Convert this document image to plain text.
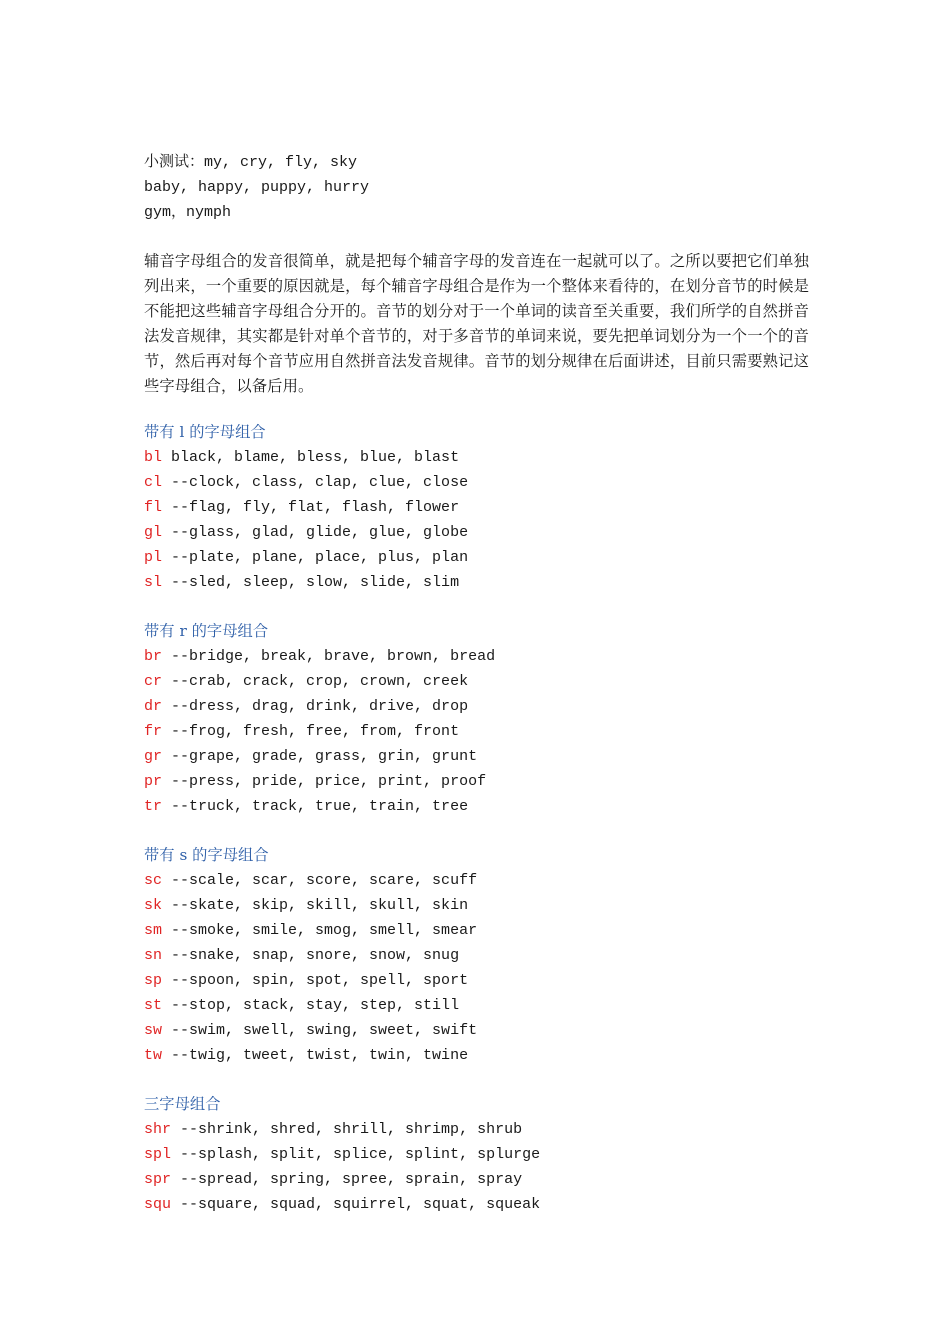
小测试：my, cry, fly, sky
baby, happy, puppy, hurry
gym，nymph

辅音字母组合的发音很简单，就是把每个辅音字母的发音连在一起就可以了。之所以要把它们单独列出来，一个重要的原因就是，每个辅音字母组合是作为一个整体来看待的，在划分音节的时候是不能把这些辅音字母组合分开的。音节的划分对于一个单词的读音至关重要，我们所学的自然拼音法发音规律，其实都是针对单个音节的，对于多音节的单词来说，要先把单词划分为一个一个的音节，然后再对每个音节应用自然拼音法发音规律。音节的划分规律在后面讲述，目前只需要熟记这些字母组合，以备后用。

带有 l 的字母组合
bl black, blame, bless, blue, blast
cl --clock, class, clap, clue, close
fl --flag, fly, flat, flash, flower
gl --glass, glad, glide, glue, globe
pl --plate, plane, place, plus, plan
sl --sled, sleep, slow, slide, slim
带有 r 的字母组合
br --bridge, break, brave, brown, bread
cr --crab, crack, crop, crown, creek
dr --dress, drag, drink, drive, drop
fr --frog, fresh, free, from, front
gr --grape, grade, grass, grin, grunt
pr --press, pride, price, print, proof
tr --truck, track, true, train, tree
带有 s 的字母组合
sc --scale, scar, score, scare, scuff
sk --skate, skip, skill, skull, skin
sm --smoke, smile, smog, smell, smear
sn --snake, snap, snore, snow, snug
sp --spoon, spin, spot, spell, sport
st --stop, stack, stay, step, still
sw --swim, swell, swing, sweet, swift
tw --twig, tweet, twist, twin, twine
三字母组合
shr --shrink, shred, shrill, shrimp, shrub
spl --splash, split, splice, splint, splurge
spr --spread, spring, spree, sprain, spray
squ --square, squad, squirrel, squat, squeak
